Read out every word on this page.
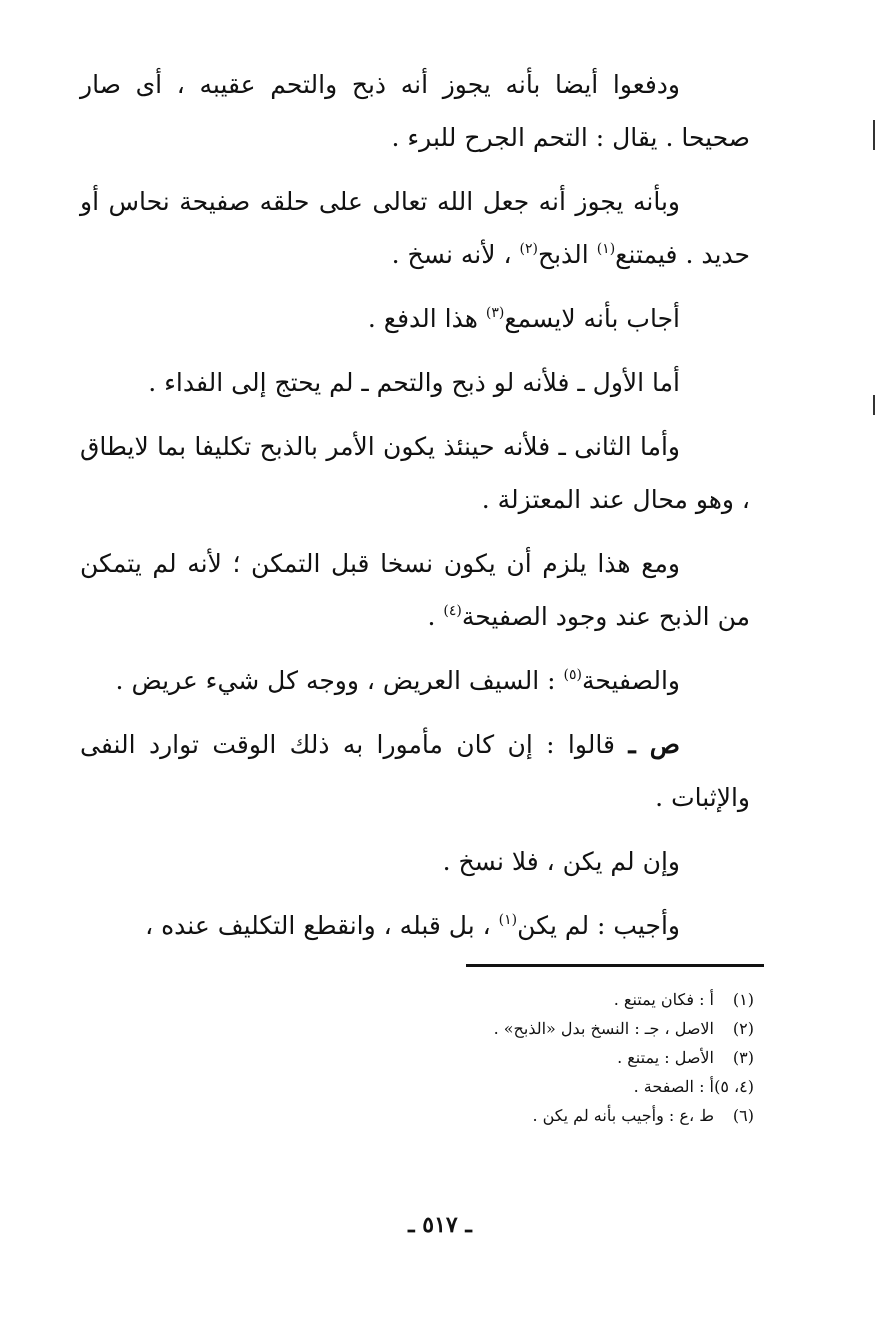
ودفعوا أيضا بأنه يجوز أنه ذبح والتحم عقيبه ، أى صار صحيحا . يقال : التحم الجرح للبرء .

وبأنه يجوز أنه جعل الله تعالى على حلقه صفيحة نحاس أو حديد . فيمتنع$^{(١)}$ الذبح$^{(٢)}$ ، لأنه نسخ .

أجاب بأنه لايسمع$^{(٣)}$ هذا الدفع .

أما الأول ـ فلأنه لو ذبح والتحم ـ لم يحتج إلى الفداء .

وأما الثانى ـ فلأنه حينئذ يكون الأمر بالذبح تكليفا بما لايطاق ، وهو محال عند المعتزلة .

ومع هذا يلزم أن يكون نسخا قبل التمكن ؛ لأنه لم يتمكن من الذبح عند وجود الصفيحة$^{(٤)}$ .

والصفيحة$^{(٥)}$ : السيف العريض ، ووجه كل شيء عريض .

ص ـ قالوا : إن كان مأمورا به ذلك الوقت توارد النفى والإثبات .

وإن لم يكن ، فلا نسخ .

وأجيب : لم يكن$^{(١)}$ ، بل قبله ، وانقطع التكليف عنده ،

(١)
أ : فكان يمتنع .
(٢)
الاصل ، جـ : النسخ بدل «الذبح» .
(٣)
الأصل : يمتنع .
(٤، ٥)
أ : الصفحة .
(٦)
ط ،ع : وأجيب بأنه لم يكن .
ـ ٥١٧ ـ
